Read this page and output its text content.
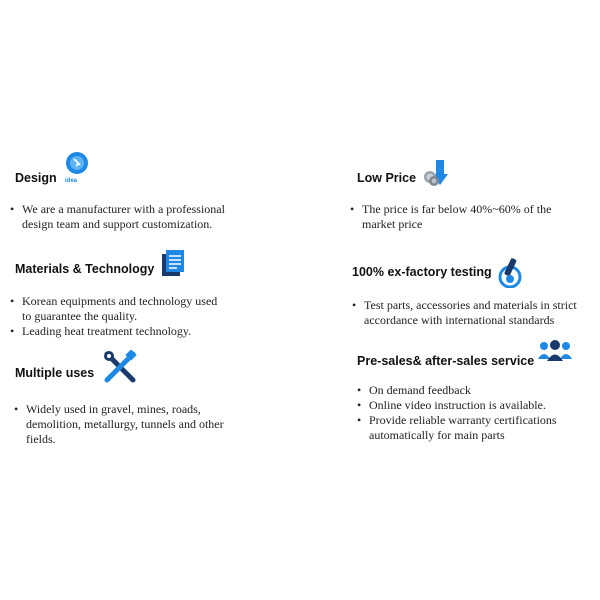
Design idea
• We are a manufacturer with a professional design team and support customization.
Materials & Technology
• Korean equipments and technology used to guarantee the quality.
• Leading heat treatment technology.
Multiple uses
• Widely used in gravel, mines, roads, demolition, metallurgy, tunnels and other fields.
Low Price
• The price is far below 40%~60% of the market price
100% ex-factory testing
• Test parts, accessories and materials in strict accordance with international standards
Pre-sales& after-sales service
• On demand feedback
• Online video instruction is available.
• Provide reliable warranty certifications automatically for main parts
